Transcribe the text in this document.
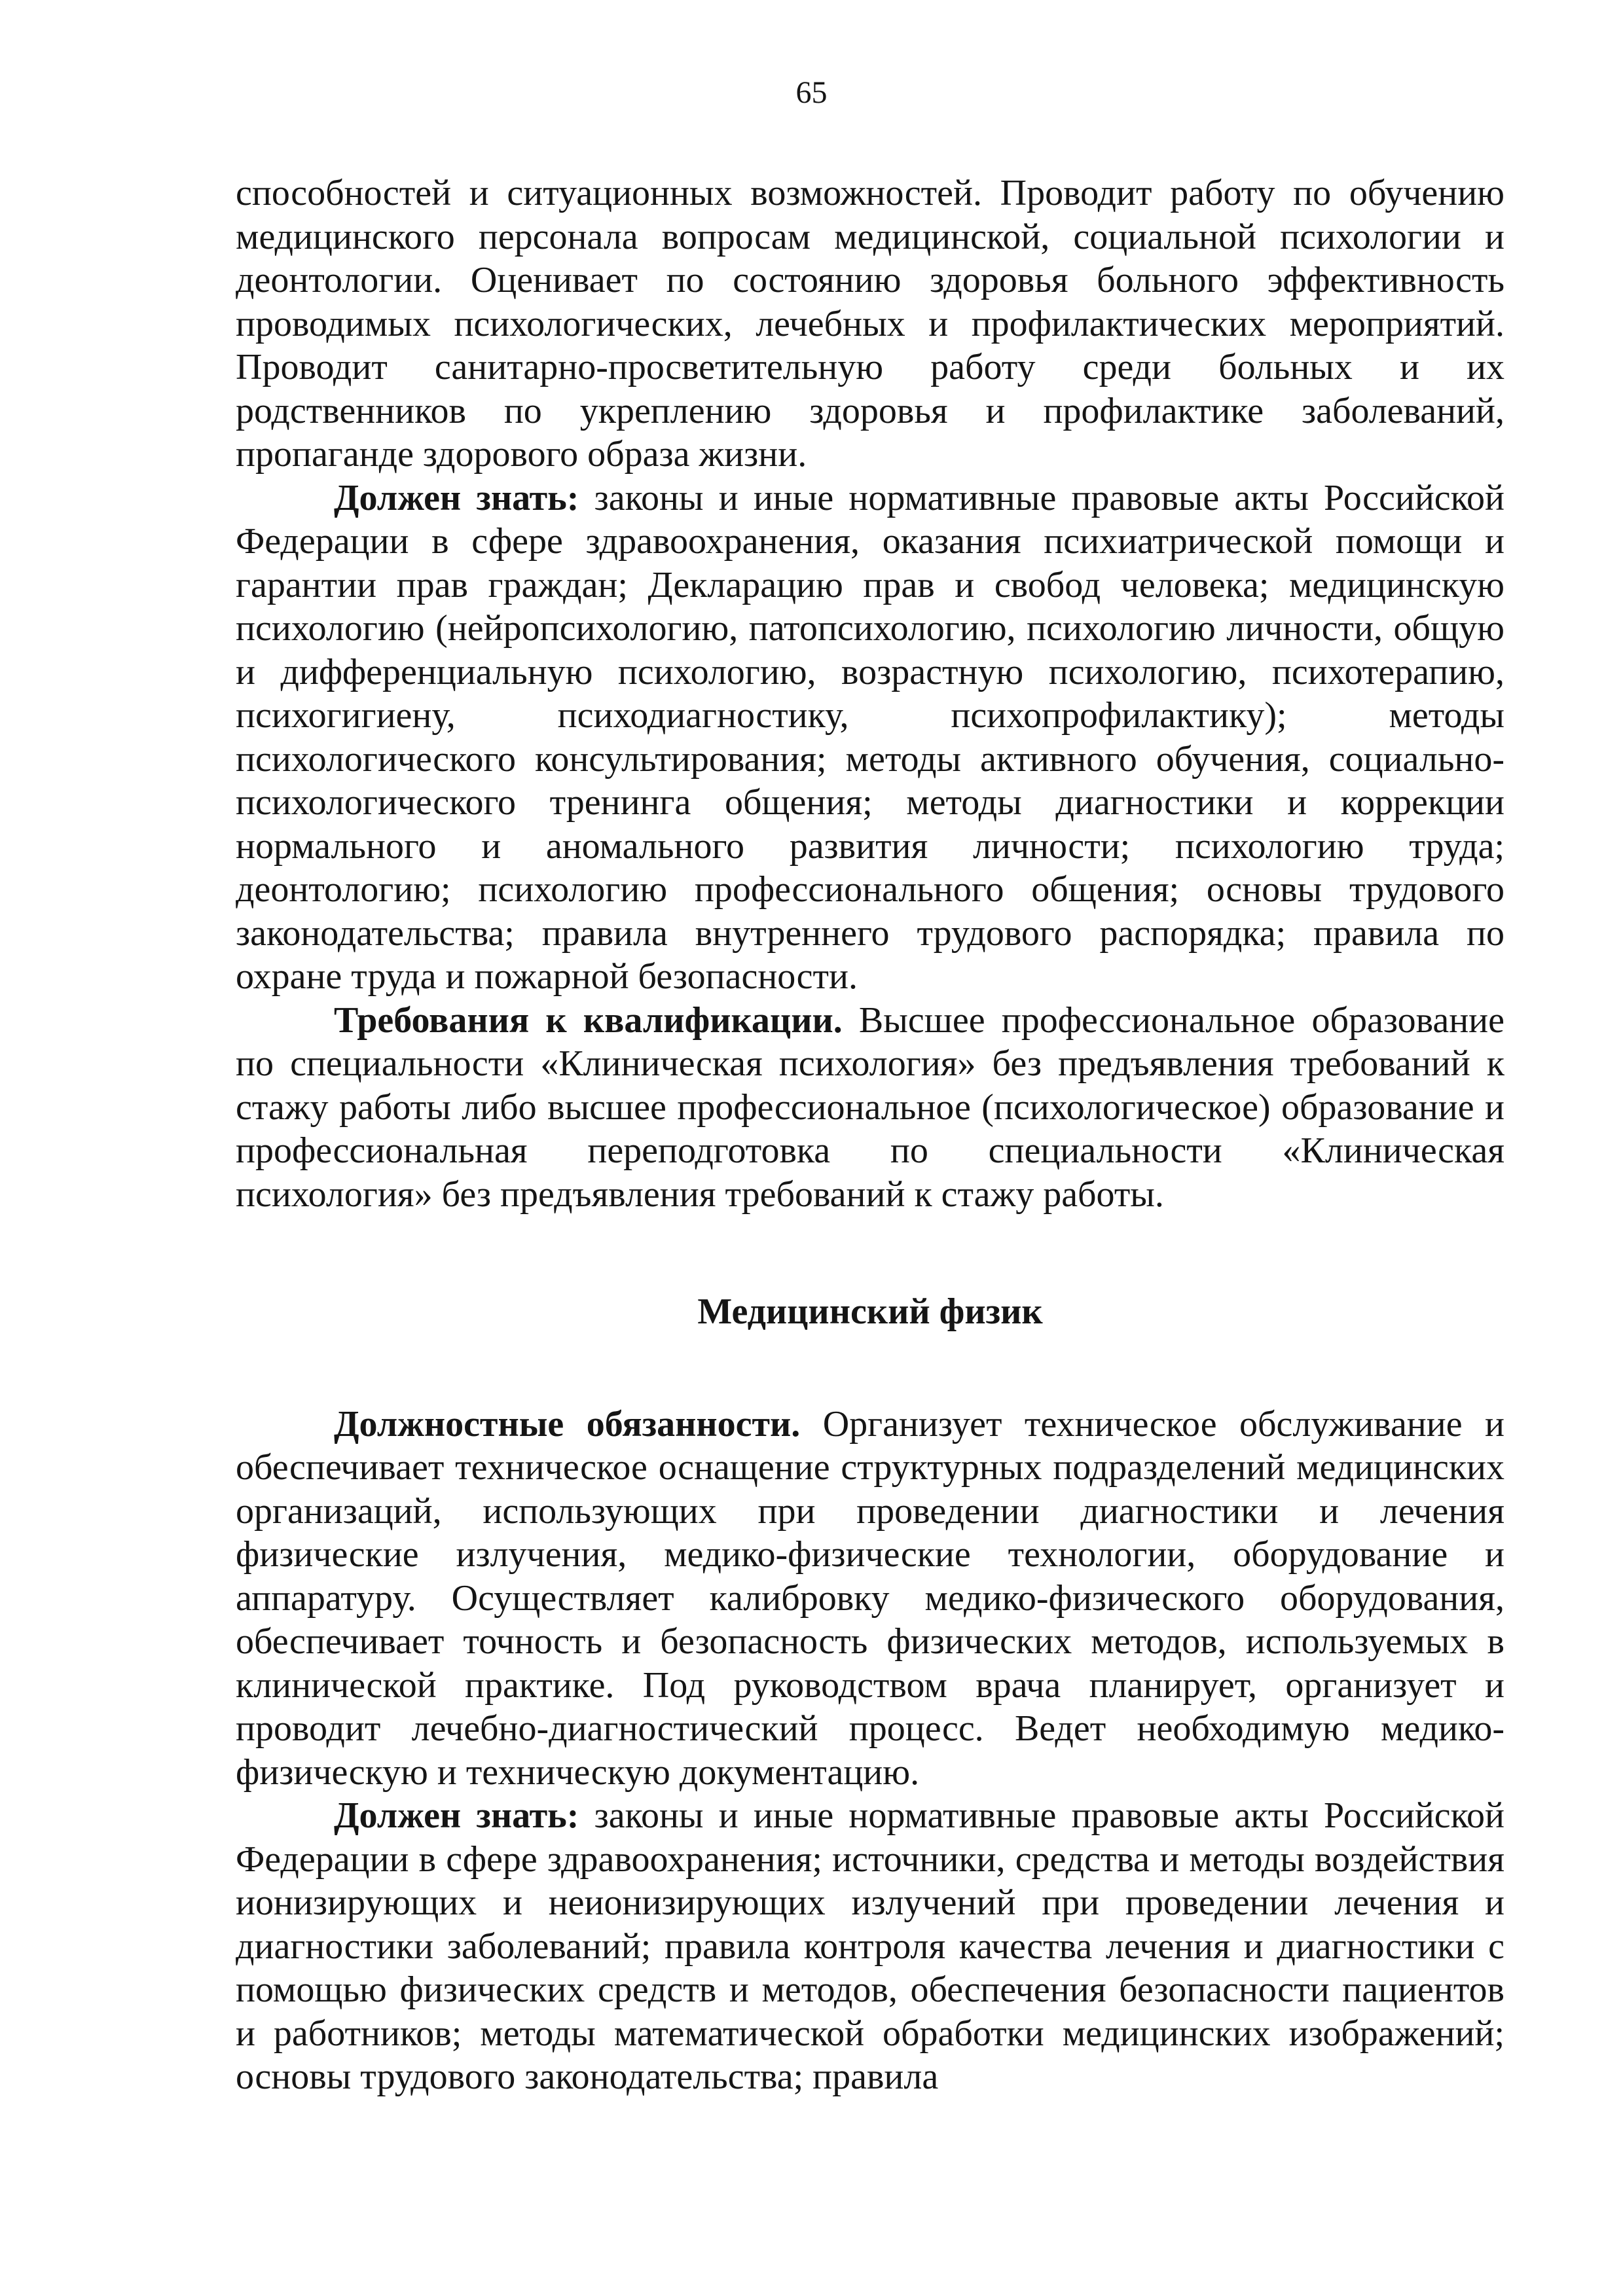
65

способностей и ситуационных возможностей. Проводит работу по обучению медицинского персонала вопросам медицинской, социальной психологии и деонтологии. Оценивает по состоянию здоровья больного эффективность проводимых психологических, лечебных и профилактических мероприятий. Проводит санитарно-просветительную работу среди больных и их родственников по укреплению здоровья и профилактике заболеваний, пропаганде здорового образа жизни.

Должен знать: законы и иные нормативные правовые акты Российской Федерации в сфере здравоохранения, оказания психиатрической помощи и гарантии прав граждан; Декларацию прав и свобод человека; медицинскую психологию (нейропсихологию, патопсихологию, психологию личности, общую и дифференциальную психологию, возрастную психологию, психотерапию, психогигиену, психодиагностику, психопрофилактику); методы психологического консультирования; методы активного обучения, социально-психологического тренинга общения; методы диагностики и коррекции нормального и аномального развития личности; психологию труда; деонтологию; психологию профессионального общения; основы трудового законодательства; правила внутреннего трудового распорядка; правила по охране труда и пожарной безопасности.

Требования к квалификации. Высшее профессиональное образование по специальности «Клиническая психология» без предъявления требований к стажу работы либо высшее профессиональное (психологическое) образование и профессиональная переподготовка по специальности «Клиническая психология» без предъявления требований к стажу работы.

Медицинский физик

Должностные обязанности. Организует техническое обслуживание и обеспечивает техническое оснащение структурных подразделений медицинских организаций, использующих при проведении диагностики и лечения физические излучения, медико-физические технологии, оборудование и аппаратуру. Осуществляет калибровку медико-физического оборудования, обеспечивает точность и безопасность физических методов, используемых в клинической практике. Под руководством врача планирует, организует и проводит лечебно-диагностический процесс. Ведет необходимую медико-физическую и техническую документацию.

Должен знать: законы и иные нормативные правовые акты Российской Федерации в сфере здравоохранения; источники, средства и методы воздействия ионизирующих и неионизирующих излучений при проведении лечения и диагностики заболеваний; правила контроля качества лечения и диагностики с помощью физических средств и методов, обеспечения безопасности пациентов и работников; методы математической обработки медицинских изображений; основы трудового законодательства; правила
